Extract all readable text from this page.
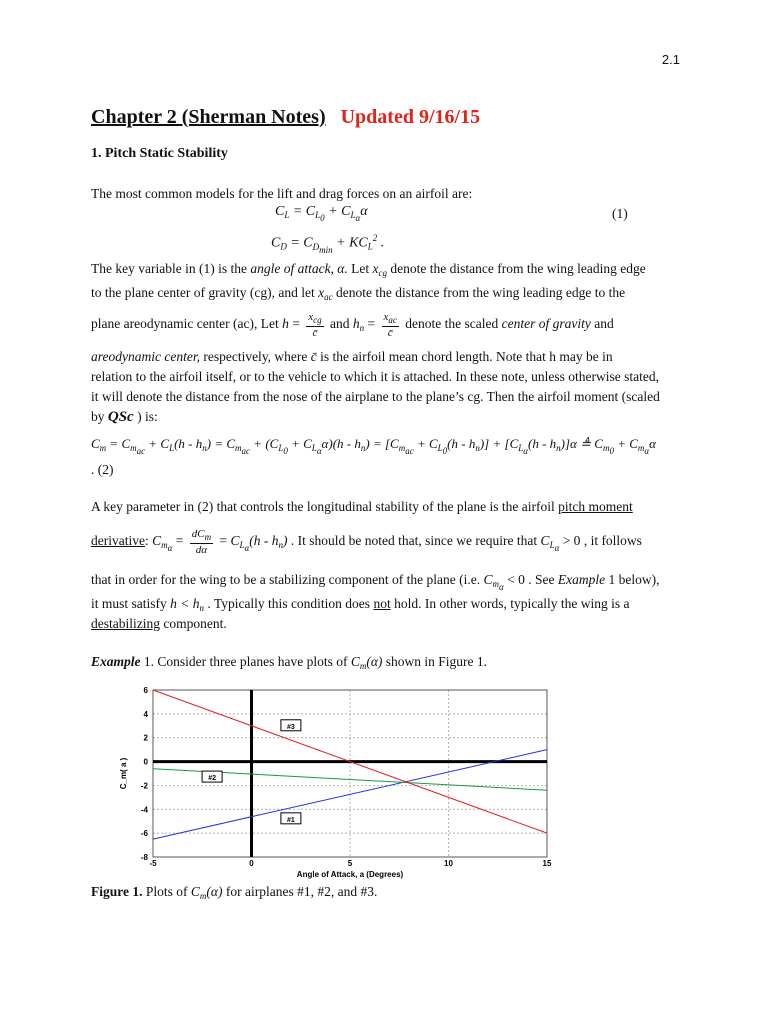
2.1
Chapter 2 (Sherman Notes) Updated 9/16/15
1. Pitch Static Stability
The most common models for the lift and drag forces on an airfoil are:
$C_L = C_{L_0} + C_{L_\alpha}\alpha$	(1)
$C_D = C_{D_{min}} + KC_L^2$ .
The key variable in (1) is the angle of attack, α. Let $x_{cg}$ denote the distance from the wing leading edge
to the plane center of gravity (cg), and let $x_{ac}$ denote the distance from the wing leading edge to the
plane areodynamic center (ac), Let $h = \frac{x_{cg}}{c̄}$ and $h_n = \frac{x_{ac}}{c̄}$ denote the scaled center of gravity and
areodynamic center, respectively, where c̄ is the airfoil mean chord length. Note that h may be in
relation to the airfoil itself, or to the vehicle to which it is attached. In these note, unless otherwise stated,
it will denote the distance from the nose of the airplane to the plane’s cg. Then the airfoil moment (scaled
by QSc ) is:
$C_m = C_{m_{ac}} + C_L(h - h_n) = C_{m_{ac}} + (C_{L_0} + C_{L_\alpha}\alpha)(h - h_n) = [C_{m_{ac}} + C_{L_0}(h - h_n)] + [C_{L_\alpha}(h - h_n)]\alpha$ ≜ $C_{m_0} + C_{m_\alpha}\alpha$
. (2)
A key parameter in (2) that controls the longitudinal stability of the plane is the airfoil pitch moment
derivative: $C_{m_\alpha} = \frac{dC_m}{d\alpha} = C_{L_\alpha}(h - h_n)$ . It should be noted that, since we require that $C_{L_\alpha} > 0$ , it follows
that in order for the wing to be a stabilizing component of the plane (i.e. $C_{m_\alpha} < 0$ . See Example 1 below),
it must satisfy $h < h_n$ . Typically this condition does not hold. In other words, typically the wing is a
destabilizing component.
Example 1. Consider three planes have plots of $C_m(\alpha)$ shown in Figure 1.
-8
-6
-4
-2
0
2
4
6
-5	0	5	10	15
Angle of Attack, a (Degrees)
C_m( a )
#1
#2
#3
Figure 1. Plots of $C_m(\alpha)$ for airplanes #1, #2, and #3.
